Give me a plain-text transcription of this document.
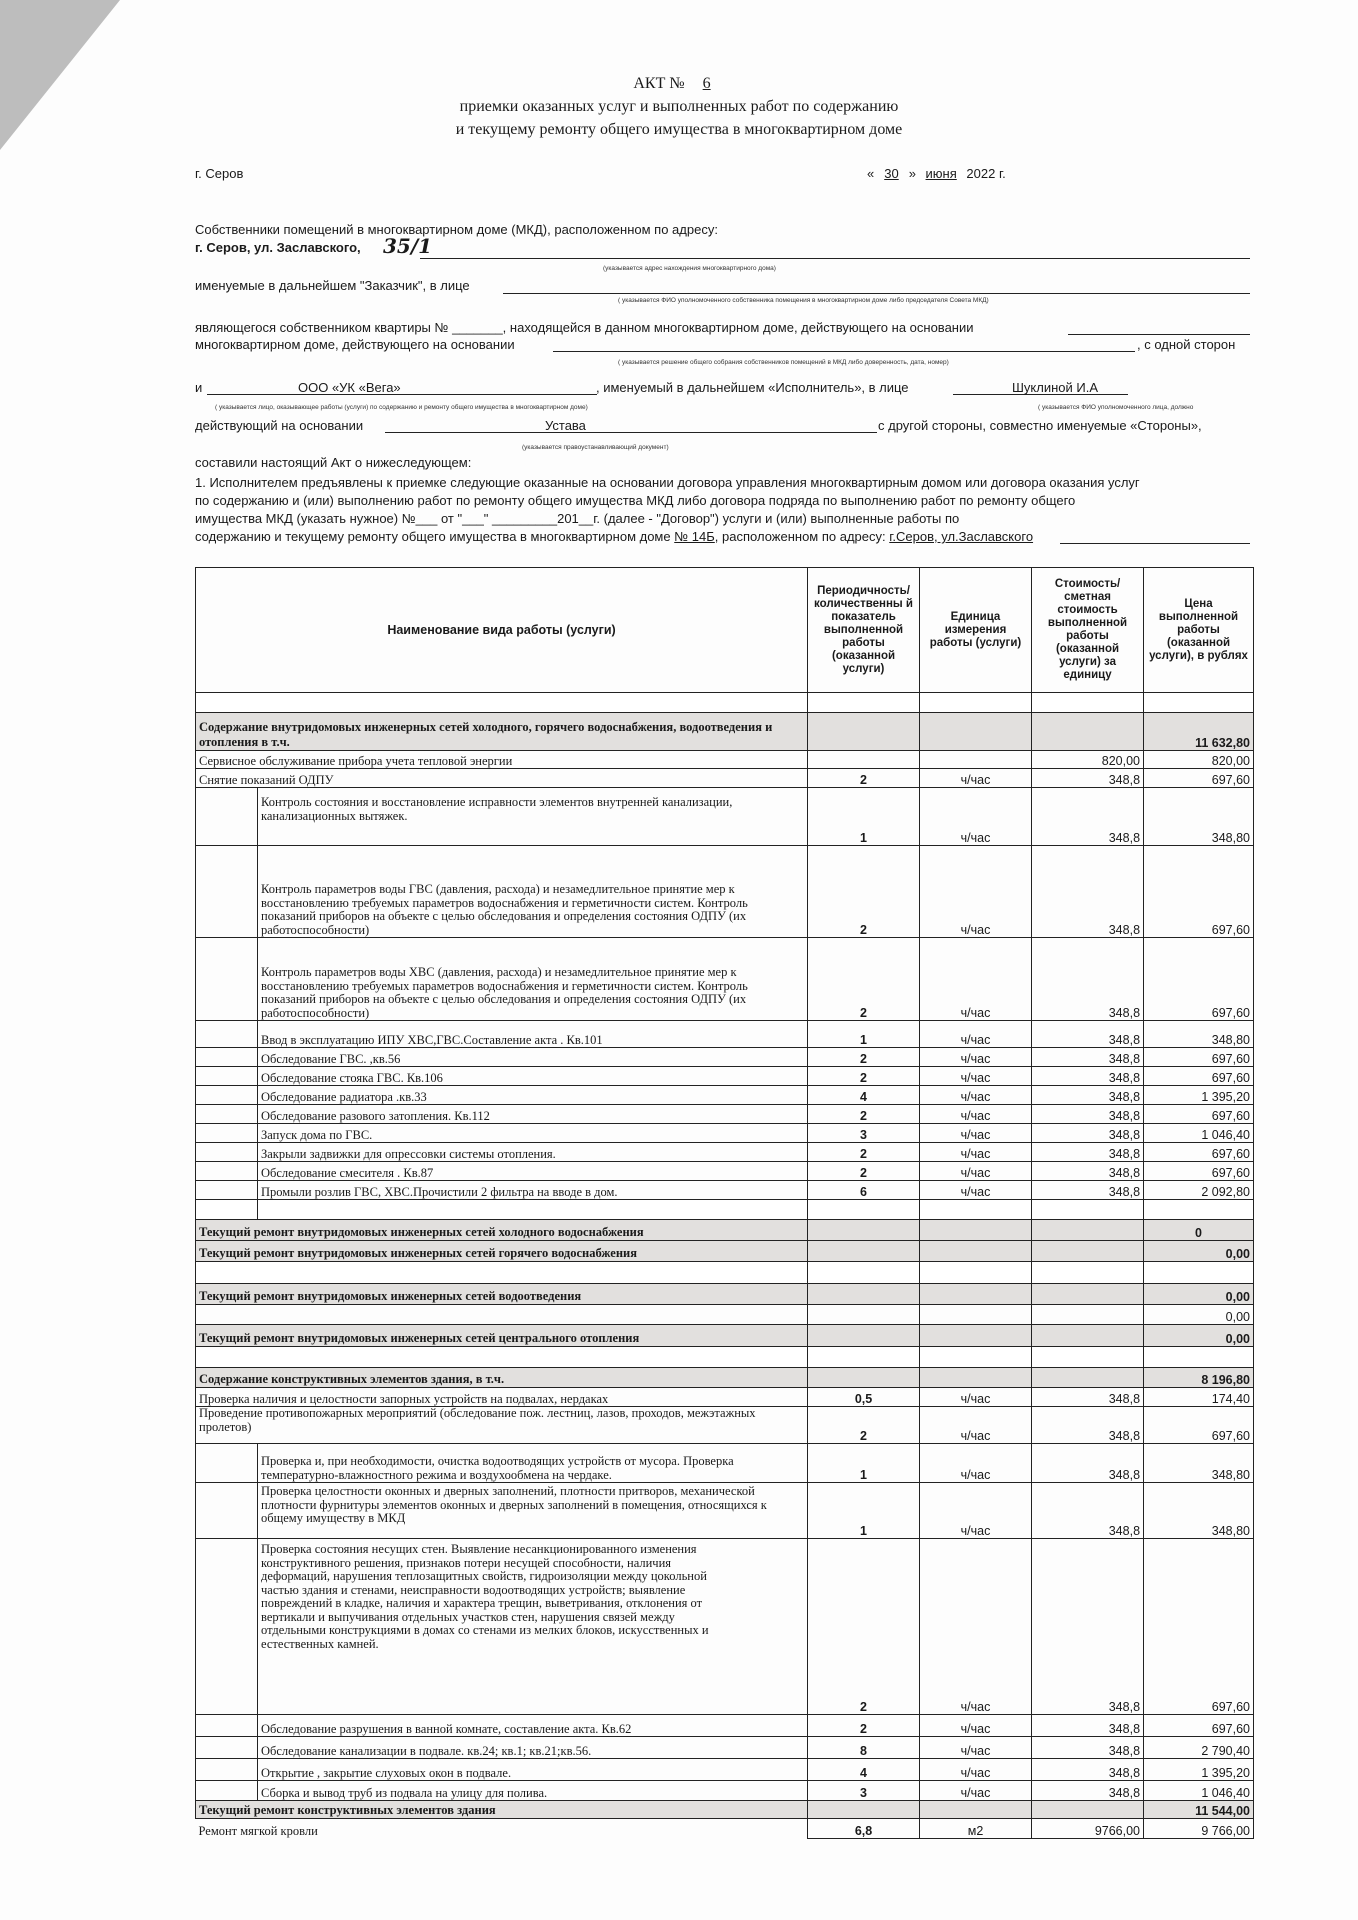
АКТ № 6
приемки оказанных услуг и выполненных работ по содержанию
и текущему ремонту общего имущества в многоквартирном доме
г. Серов	« 30 » июня 2022 г.
Собственники помещений в многоквартирном доме (МКД), расположенном по адресу:
г. Серов, ул. Заславского, 35/1
(указывается адрес нахождения многоквартирного дома)
именуемые в дальнейшем "Заказчик", в лице
( указывается ФИО уполномоченного собственника помещения в многоквартирном доме либо председателя Совета МКД)
являющегося собственником квартиры № _______, находящейся в данном многоквартирном доме, действующего на основании
многоквартирном доме, действующего на основании	, с одной сторон
( указывается решение общего собрания собственников помещений в МКД либо доверенность, дата, номер)
и	ООО «УК «Вега»	, именуемый в дальнейшем «Исполнитель», в лице	Шуклиной И.А
( указывается лицо, оказывающее работы (услуги) по содержанию и ремонту общего имущества в многоквартирном доме)	( указывается ФИО уполномоченного лица, должно
действующий на основании	Устава	с другой стороны, совместно именуемые «Стороны»,
(указывается правоустанавливающий документ)
составили настоящий Акт о нижеследующем:
1. Исполнителем предъявлены к приемке следующие оказанные на основании договора управления многоквартирным домом или договора оказания услуг
по содержанию и (или) выполнению работ по ремонту общего имущества МКД либо договора подряда по выполнению работ по ремонту общего
имущества МКД (указать нужное) №___ от "___" _________201__г. (далее - "Договор") услуги и (или) выполненные работы по
содержанию и текущему ремонту общего имущества в многоквартирном доме № 14Б, расположенном по адресу: г.Серов, ул.Заславского
Наименование вида работы (услуги)		Периодичность/ количественны й показатель выполненной работы (оказанной услуги)	Единица измерения работы (услуги)	Стоимость/ сметная стоимость выполненной работы (оказанной услуги) за единицу	Цена выполненной работы (оказанной услуги), в рублях

Содержание внутридомовых инженерных сетей холодного, горячего водоснабжения, водоотведения и отопления в т.ч.					11 632,80
Сервисное обслуживание прибора учета тепловой энергии				820,00	820,00
Снятие показаний ОДПУ		2	ч/час	348,8	697,60
	Контроль состояния и восстановление исправности элементов внутренней канализации, канализационных вытяжек.	1	ч/час	348,8	348,80
	Контроль параметров воды ГВС (давления, расхода) и незамедлительное принятие мер к восстановлению требуемых параметров водоснабжения и герметичности систем. Контроль показаний приборов на объекте с целью обследования и определения состояния ОДПУ (их работоспособности)	2	ч/час	348,8	697,60
	Контроль параметров воды ХВС (давления, расхода) и незамедлительное принятие мер к восстановлению требуемых параметров водоснабжения и герметичности систем. Контроль показаний приборов на объекте с целью обследования и определения состояния ОДПУ (их работоспособности)	2	ч/час	348,8	697,60
	Ввод в эксплуатацию ИПУ ХВС,ГВС.Составление акта . Кв.101	1	ч/час	348,8	348,80
	Обследование ГВС. ,кв.56	2	ч/час	348,8	697,60
	Обследование стояка ГВС. Кв.106	2	ч/час	348,8	697,60
	Обследование радиатора .кв.33	4	ч/час	348,8	1 395,20
	Обследование разового затопления. Кв.112	2	ч/час	348,8	697,60
	Запуск дома по ГВС.	3	ч/час	348,8	1 046,40
	Закрыли задвижки для опрессовки системы отопления.	2	ч/час	348,8	697,60
	Обследование смесителя . Кв.87	2	ч/час	348,8	697,60
	Промыли розлив ГВС, ХВС.Прочистили 2 фильтра на вводе в дом.	6	ч/час	348,8	2 092,80

Текущий ремонт внутридомовых инженерных сетей холодного водоснабжения					0
Текущий ремонт внутридомовых инженерных сетей горячего водоснабжения					0,00

Текущий ремонт внутридомовых инженерных сетей водоотведения					0,00
					0,00
Текущий ремонт внутридомовых инженерных сетей центрального отопления					0,00

Содержание конструктивных элементов здания, в т.ч.					8 196,80
Проверка наличия и целостности запорных устройств на подвалах, нердаках		0,5	ч/час	348,8	174,40
Проведение противопожарных мероприятий (обследование пож. лестниц, лазов, проходов, межэтажных пролетов)		2	ч/час	348,8	697,60
	Проверка и, при необходимости, очистка водоотводящих устройств от мусора. Проверка температурно-влажностного режима и воздухообмена на чердаке.	1	ч/час	348,8	348,80
	Проверка целостности оконных и дверных заполнений, плотности притворов, механической плотности фурнитуры элементов оконных и дверных заполнений в помещения, относящихся к общему имуществу в МКД	1	ч/час	348,8	348,80
	Проверка состояния несущих стен. Выявление несанкционированного изменения конструктивного решения, признаков потери несущей способности, наличия деформаций, нарушения теплозащитных свойств, гидроизоляции между цокольной частью здания и стенами, неисправности водоотводящих устройств; выявление повреждений в кладке, наличия и характера трещин, выветривания, отклонения от вертикали и выпучивания отдельных участков стен, нарушения связей между отдельными конструкциями в домах со стенами из мелких блоков, искусственных и естественных камней.	2	ч/час	348,8	697,60
	Обследование разрушения в ванной комнате, составление акта. Кв.62	2	ч/час	348,8	697,60
	Обследование канализации в подвале. кв.24; кв.1; кв.21;кв.56.	8	ч/час	348,8	2 790,40
	Открытие , закрытие слуховых окон в подвале.	4	ч/час	348,8	1 395,20
	Сборка и вывод труб из подвала на улицу для полива.	3	ч/час	348,8	1 046,40
Текущий ремонт конструктивных элементов здания					11 544,00
Ремонт мягкой кровли		6,8	м2	9766,00	9 766,00
